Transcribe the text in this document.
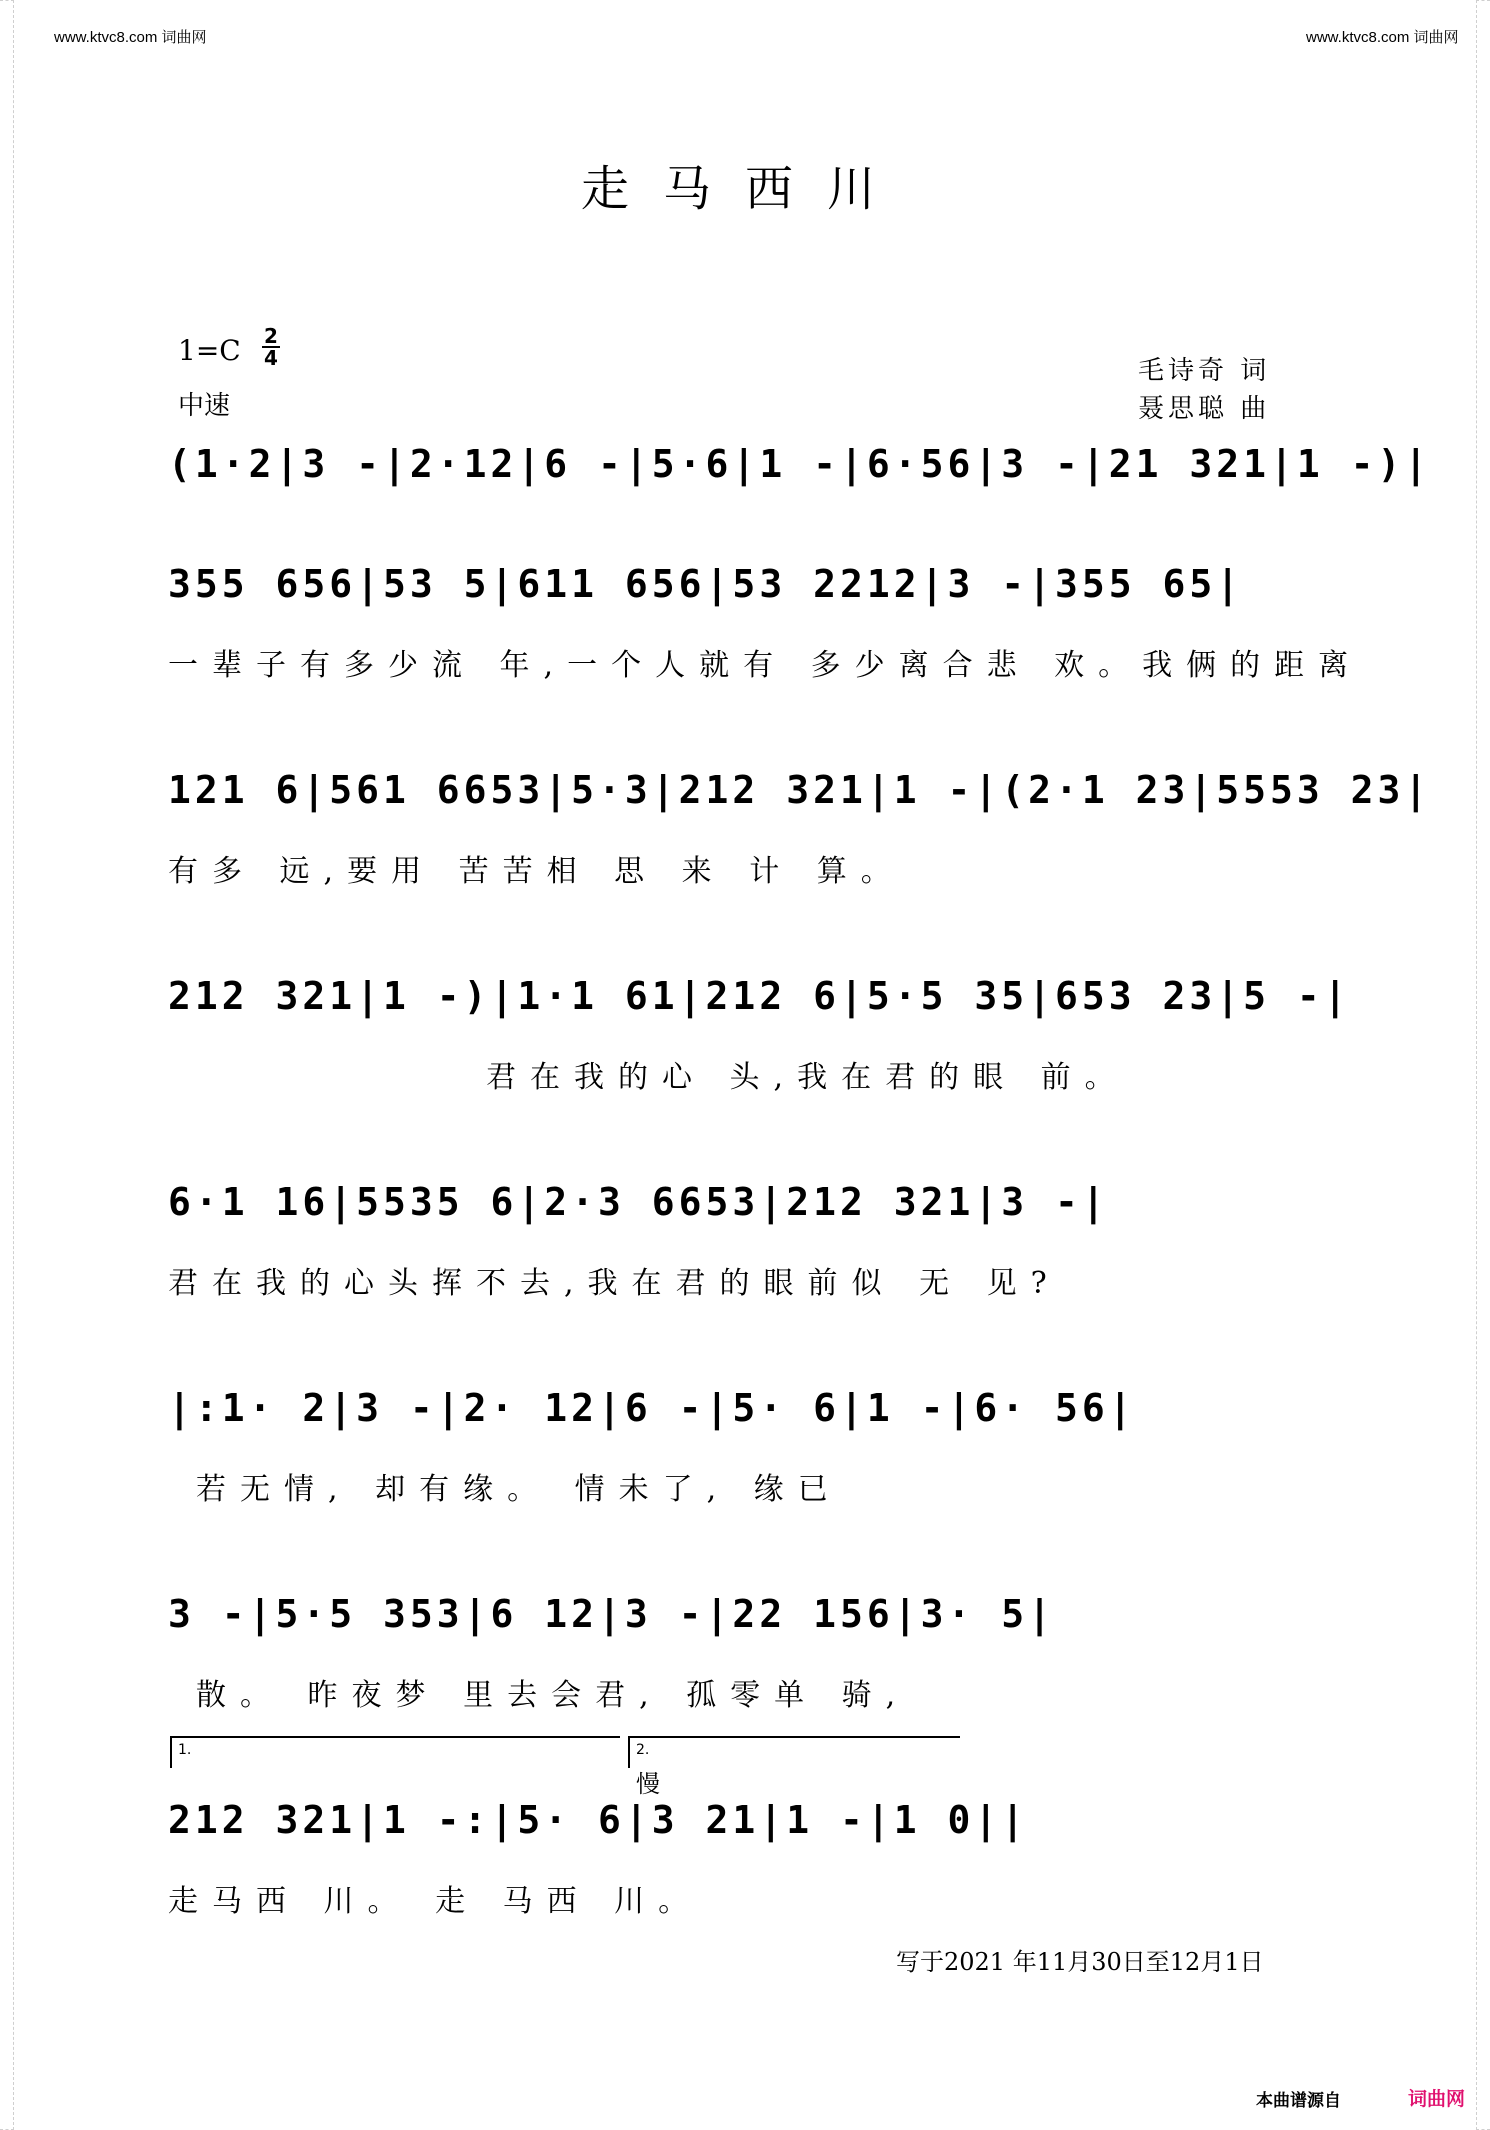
www.ktvc8.com 词曲网	www.ktvc8.com 词曲网
走马西川
$1=C \frac{2}{4}$
中速
毛诗奇 词
聂思聪 曲
(1·2|3 -|2·12|6 -|5·6|1 -|6·56|3 -|21 321|1 -)|
355 656|53 5|611 656|53 2212|3 -|355 65|
一辈子有多少流 年,一个人就有 多少离合悲 欢。我俩的距离
121 6|561 6653|5·3|212 321|1 -|(2·1 23|5553 23|
有多 远,要用 苦苦相 思 来 计 算。
212 321|1 -)|1·1 61|212 6|5·5 35|653 23|5 -|
君在我的心 头,我在君的眼 前。
6·1 16|5535 6|2·3 6653|212 321|3 -|
君在我的心头挥不去,我在君的眼前似 无 见?
|:1· 2|3 -|2· 12|6 -|5· 6|1 -|6· 56|
若无情, 却有缘。 情未了, 缘已
3 -|5·5 353|6 12|3 -|22 156|3· 5|
散。 昨夜梦 里去会君, 孤零单 骑,
1.	2.
慢
212 321|1 -:|5· 6|3 21|1 -|1 0||
走马西 川。 走 马西 川。
写于2021 年11月30日至12月1日
本曲谱源自	词曲网
